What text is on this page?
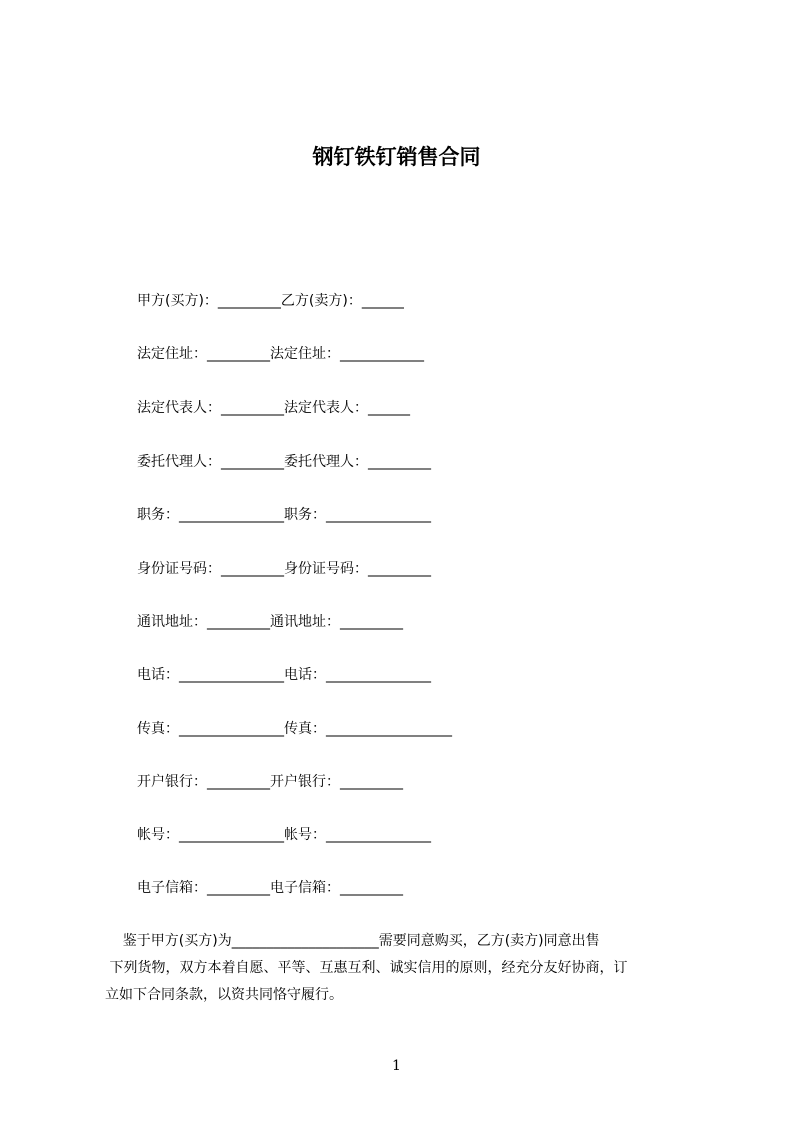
钢钉铁钉销售合同
甲方(买方)：_________乙方(卖方)：______
法定住址：_________法定住址：____________
法定代表人：_________法定代表人：______
委托代理人：_________委托代理人：_________
职务：_______________职务：_______________
身份证号码：_________身份证号码：_________
通讯地址：_________通讯地址：_________
电话：_______________电话：_______________
传真：_______________传真：__________________
开户银行：_________开户银行：_________
帐号：_______________帐号：_______________
电子信箱：_________电子信箱：_________
鉴于甲方(买方)为_____________________需要同意购买，乙方(卖方)同意出售
下列货物，双方本着自愿、平等、互惠互利、诚实信用的原则，经充分友好协商，订
立如下合同条款，以资共同恪守履行。
1
